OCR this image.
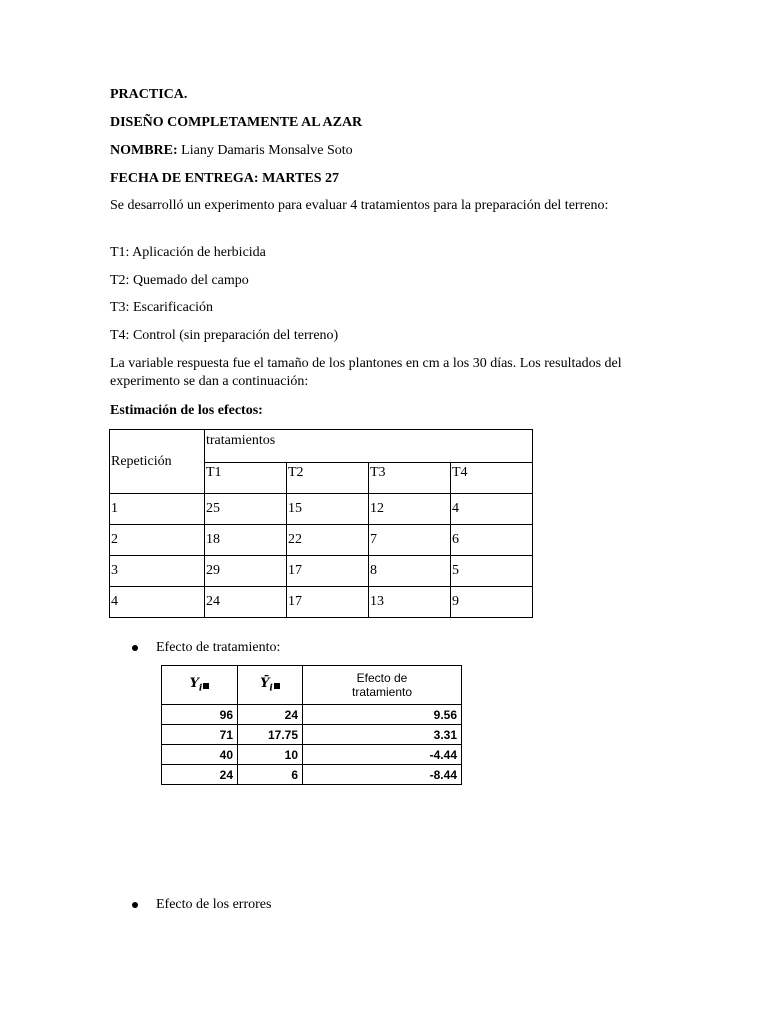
PRACTICA.
DISEÑO COMPLETAMENTE AL AZAR
NOMBRE: Liany Damaris Monsalve Soto
FECHA DE ENTREGA: MARTES 27
Se desarrolló un experimento para evaluar 4 tratamientos para la preparación del terreno:
T1: Aplicación de herbicida
T2: Quemado del campo
T3: Escarificación
T4: Control (sin preparación del terreno)
La variable respuesta fue el tamaño de los plantones en cm a los 30 días. Los resultados del experimento se dan a continuación:
Estimación de los efectos:
Repetición	tratamientos			
	T1	T2	T3	T4
1	25	15	12	4
2	18	22	7	6
3	29	17	8	5
4	24	17	13	9
Efecto de tratamiento:
$Y_i$	$Ȳ_i$	Efecto de
tratamiento

96	24	9.56
71	17.75	3.31
40	10	-4.44
24	6	-8.44
Efecto de los errores
